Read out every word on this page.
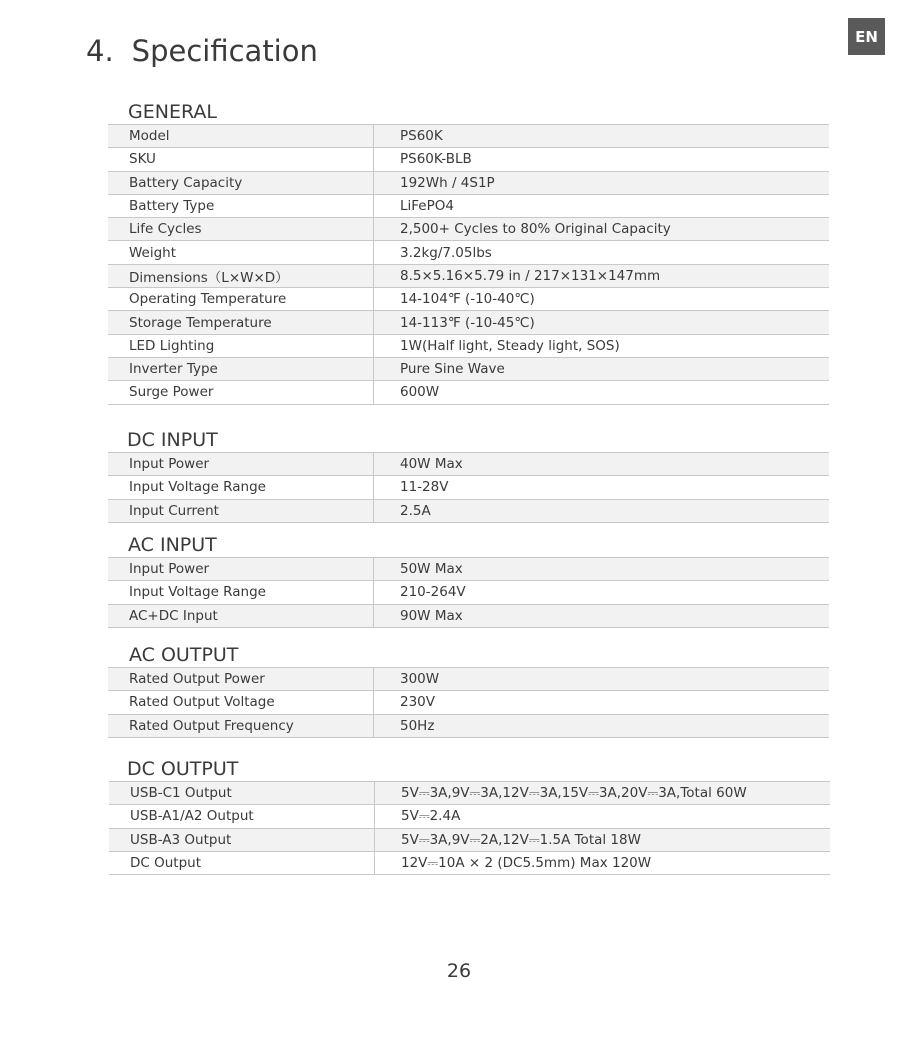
EN
4. Specification
GENERAL
Model	PS60K
SKU	PS60K-BLB
Battery Capacity	192Wh / 4S1P
Battery Type	LiFePO4
Life Cycles	2,500+ Cycles to 80% Original Capacity
Weight	3.2kg/7.05lbs
Dimensions（L×W×D）	8.5×5.16×5.79 in / 217×131×147mm
Operating Temperature	14-104℉ (-10-40℃)
Storage Temperature	14-113℉ (-10-45℃)
LED Lighting	1W(Half light, Steady light, SOS)
Inverter Type	Pure Sine Wave
Surge Power	600W
DC INPUT
Input Power	40W Max
Input Voltage Range	11-28V
Input Current	2.5A
AC INPUT
Input Power	50W Max
Input Voltage Range	210-264V
AC+DC Input	90W Max
AC OUTPUT
Rated Output Power	300W
Rated Output Voltage	230V
Rated Output Frequency	50Hz
DC OUTPUT
USB-C1 Output	5V⎓3A,9V⎓3A,12V⎓3A,15V⎓3A,20V⎓3A,Total 60W
USB-A1/A2 Output	5V⎓2.4A
USB-A3 Output	5V⎓3A,9V⎓2A,12V⎓1.5A Total 18W
DC Output	12V⎓10A × 2 (DC5.5mm) Max 120W
26
